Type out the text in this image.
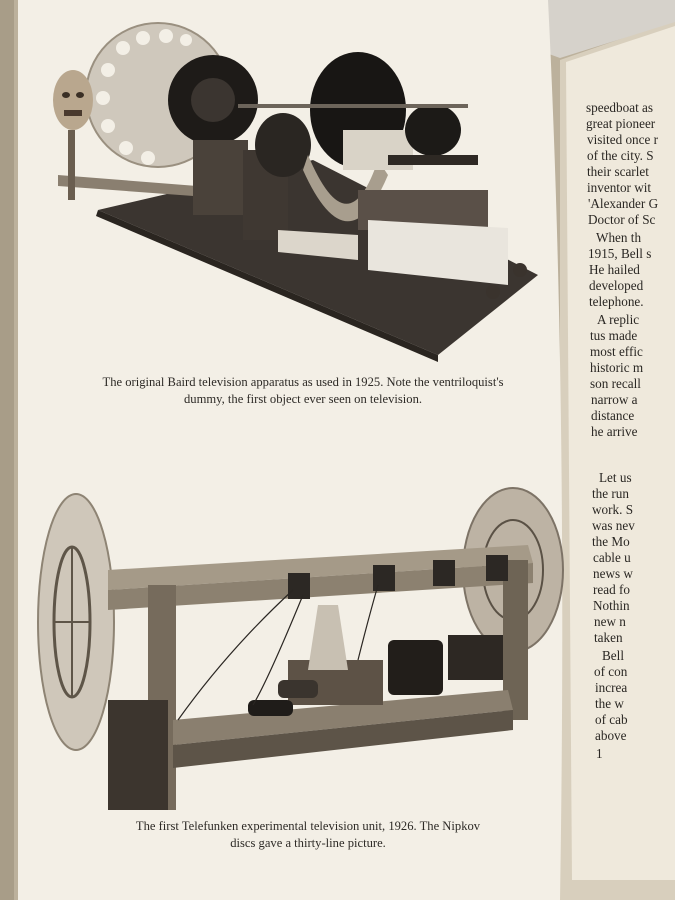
The original Baird television apparatus as used in 1925. Note the ventriloquist's
dummy, the first object ever seen on television.
The first Telefunken experimental television unit, 1926. The Nipkov
discs gave a thirty-line picture.
speedboat as
great pioneer
visited once r
of the city. S
their scarlet
inventor wit
'Alexander G
Doctor of Sc
When th
1915, Bell s
He hailed
developed
telephone.
A replic
tus made
most effic
historic m
son recall
narrow a
distance
he arrive
Let us
the run
work. S
was nev
the Mo
cable u
news w
read fo
Nothin
new n
taken
Bell
of con
increa
the w
of cab
above
1
